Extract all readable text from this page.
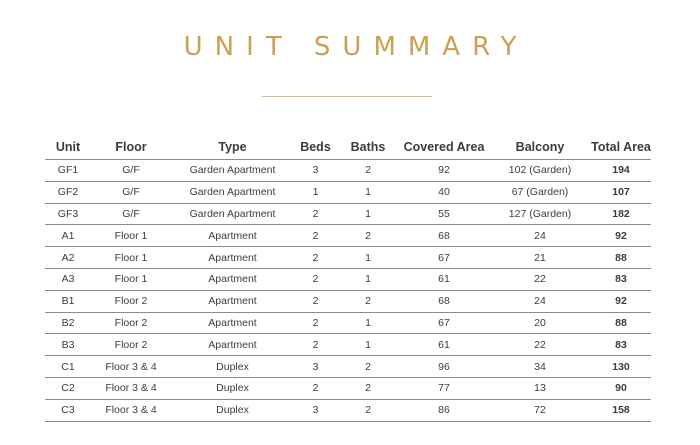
UNIT SUMMARY
Unit	Floor	Type	Beds	Baths	Covered Area	Balcony	Total Area
GF1	G/F	Garden Apartment	3	2	92	102 (Garden)	194
GF2	G/F	Garden Apartment	1	1	40	67 (Garden)	107
GF3	G/F	Garden Apartment	2	1	55	127 (Garden)	182
A1	Floor 1	Apartment	2	2	68	24	92
A2	Floor 1	Apartment	2	1	67	21	88
A3	Floor 1	Apartment	2	1	61	22	83
B1	Floor 2	Apartment	2	2	68	24	92
B2	Floor 2	Apartment	2	1	67	20	88
B3	Floor 2	Apartment	2	1	61	22	83
C1	Floor 3 & 4	Duplex	3	2	96	34	130
C2	Floor 3 & 4	Duplex	2	2	77	13	90
C3	Floor 3 & 4	Duplex	3	2	86	72	158
